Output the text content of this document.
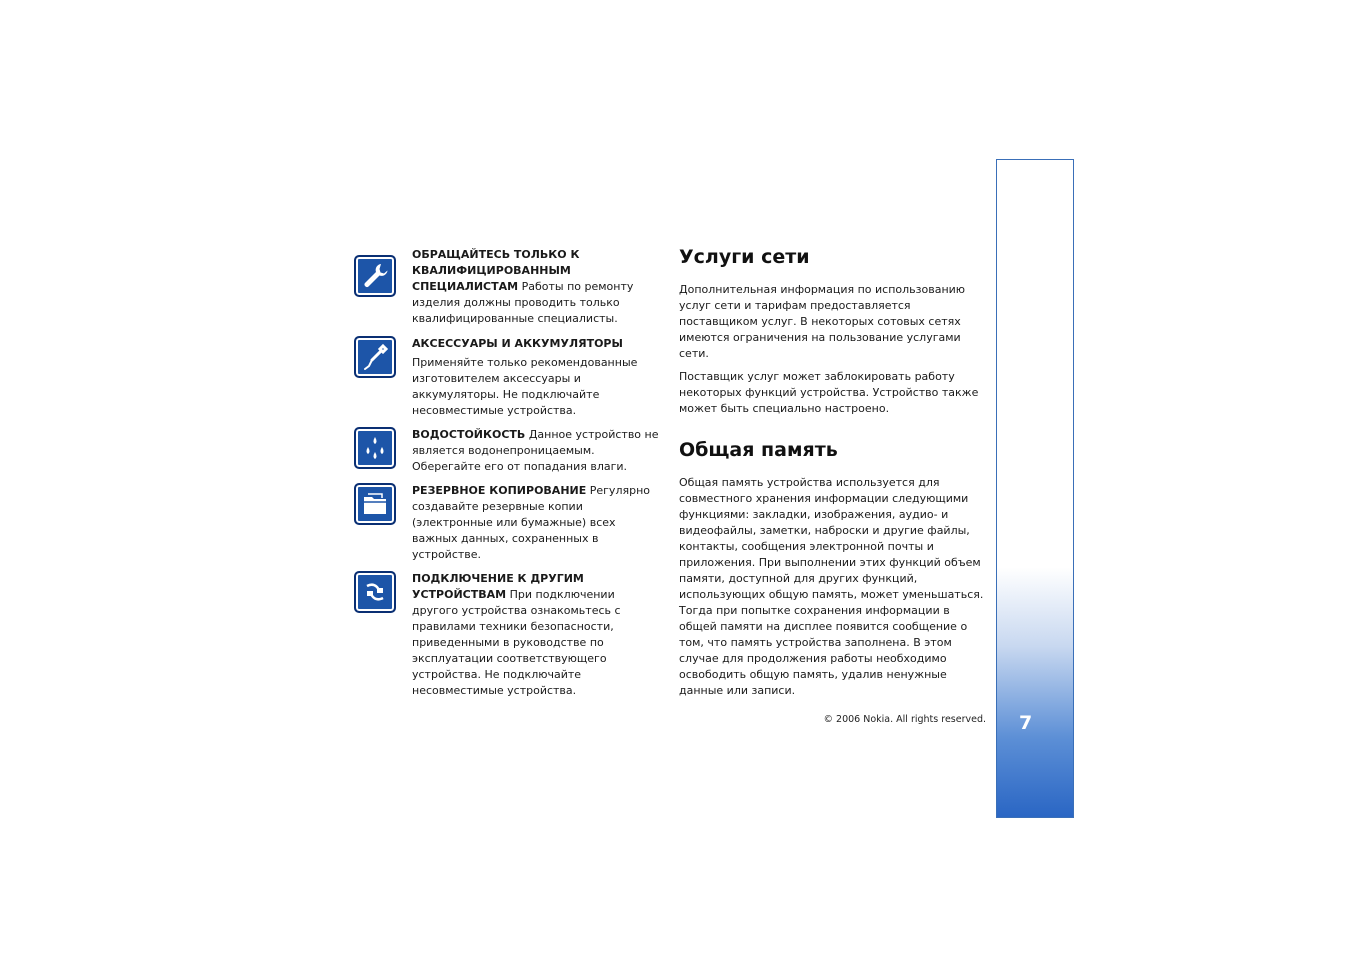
ОБРАЩАЙТЕСЬ ТОЛЬКО К КВАЛИФИЦИРОВАННЫМ СПЕЦИАЛИСТАМ Работы по ремонту изделия должны проводить только квалифицированные специалисты.

АКСЕССУАРЫ И АККУМУЛЯТОРЫ
Применяйте только рекомендованные изготовителем аксессуары и аккумуляторы. Не подключайте несовместимые устройства.

ВОДОСТОЙКОСТЬ Данное устройство не является водонепроницаемым. Оберегайте его от попадания влаги.

РЕЗЕРВНОЕ КОПИРОВАНИЕ Регулярно создавайте резервные копии (электронные или бумажные) всех важных данных, сохраненных в устройстве.

ПОДКЛЮЧЕНИЕ К ДРУГИМ УСТРОЙСТВАМ При подключении другого устройства ознакомьтесь с правилами техники безопасности, приведенными в руководстве по эксплуатации соответствующего устройства. Не подключайте несовместимые устройства.

Услуги сети

Дополнительная информация по использованию услуг сети и тарифам предоставляется поставщиком услуг. В некоторых сотовых сетях имеются ограничения на пользование услугами сети.

Поставщик услуг может заблокировать работу некоторых функций устройства. Устройство также может быть специально настроено.

Общая память

Общая память устройства используется для совместного хранения информации следующими функциями: закладки, изображения, аудио- и видеофайлы, заметки, наброски и другие файлы, контакты, сообщения электронной почты и приложения. При выполнении этих функций объем памяти, доступной для других функций, использующих общую память, может уменьшаться. Тогда при попытке сохранения информации в общей памяти на дисплее появится сообщение о том, что память устройства заполнена. В этом случае для продолжения работы необходимо освободить общую память, удалив ненужные данные или записи.

© 2006 Nokia. All rights reserved. 7
